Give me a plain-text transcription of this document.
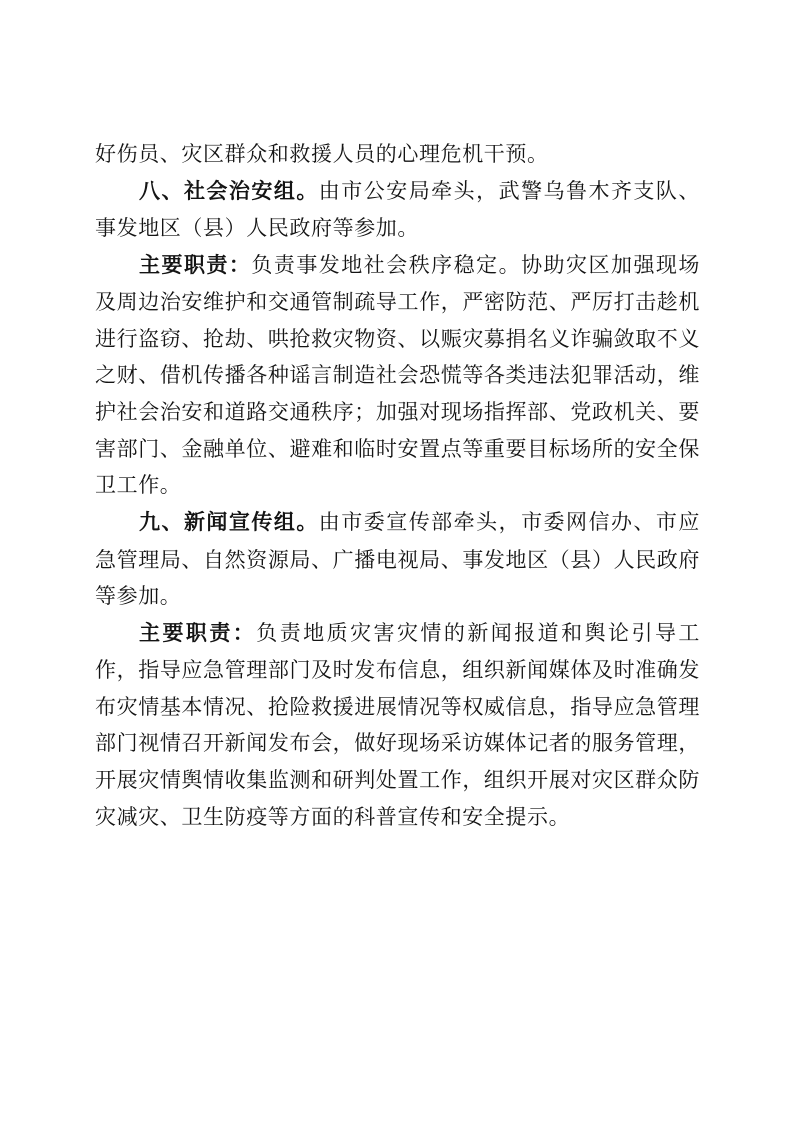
好伤员、灾区群众和救援人员的心理危机干预。

八、社会治安组。由市公安局牵头，武警乌鲁木齐支队、事发地区（县）人民政府等参加。

主要职责：负责事发地社会秩序稳定。协助灾区加强现场及周边治安维护和交通管制疏导工作，严密防范、严厉打击趁机进行盗窃、抢劫、哄抢救灾物资、以赈灾募捐名义诈骗敛取不义之财、借机传播各种谣言制造社会恐慌等各类违法犯罪活动，维护社会治安和道路交通秩序；加强对现场指挥部、党政机关、要害部门、金融单位、避难和临时安置点等重要目标场所的安全保卫工作。

九、新闻宣传组。由市委宣传部牵头，市委网信办、市应急管理局、自然资源局、广播电视局、事发地区（县）人民政府等参加。

主要职责：负责地质灾害灾情的新闻报道和舆论引导工作，指导应急管理部门及时发布信息，组织新闻媒体及时准确发布灾情基本情况、抢险救援进展情况等权威信息，指导应急管理部门视情召开新闻发布会，做好现场采访媒体记者的服务管理，开展灾情舆情收集监测和研判处置工作，组织开展对灾区群众防灾减灾、卫生防疫等方面的科普宣传和安全提示。
